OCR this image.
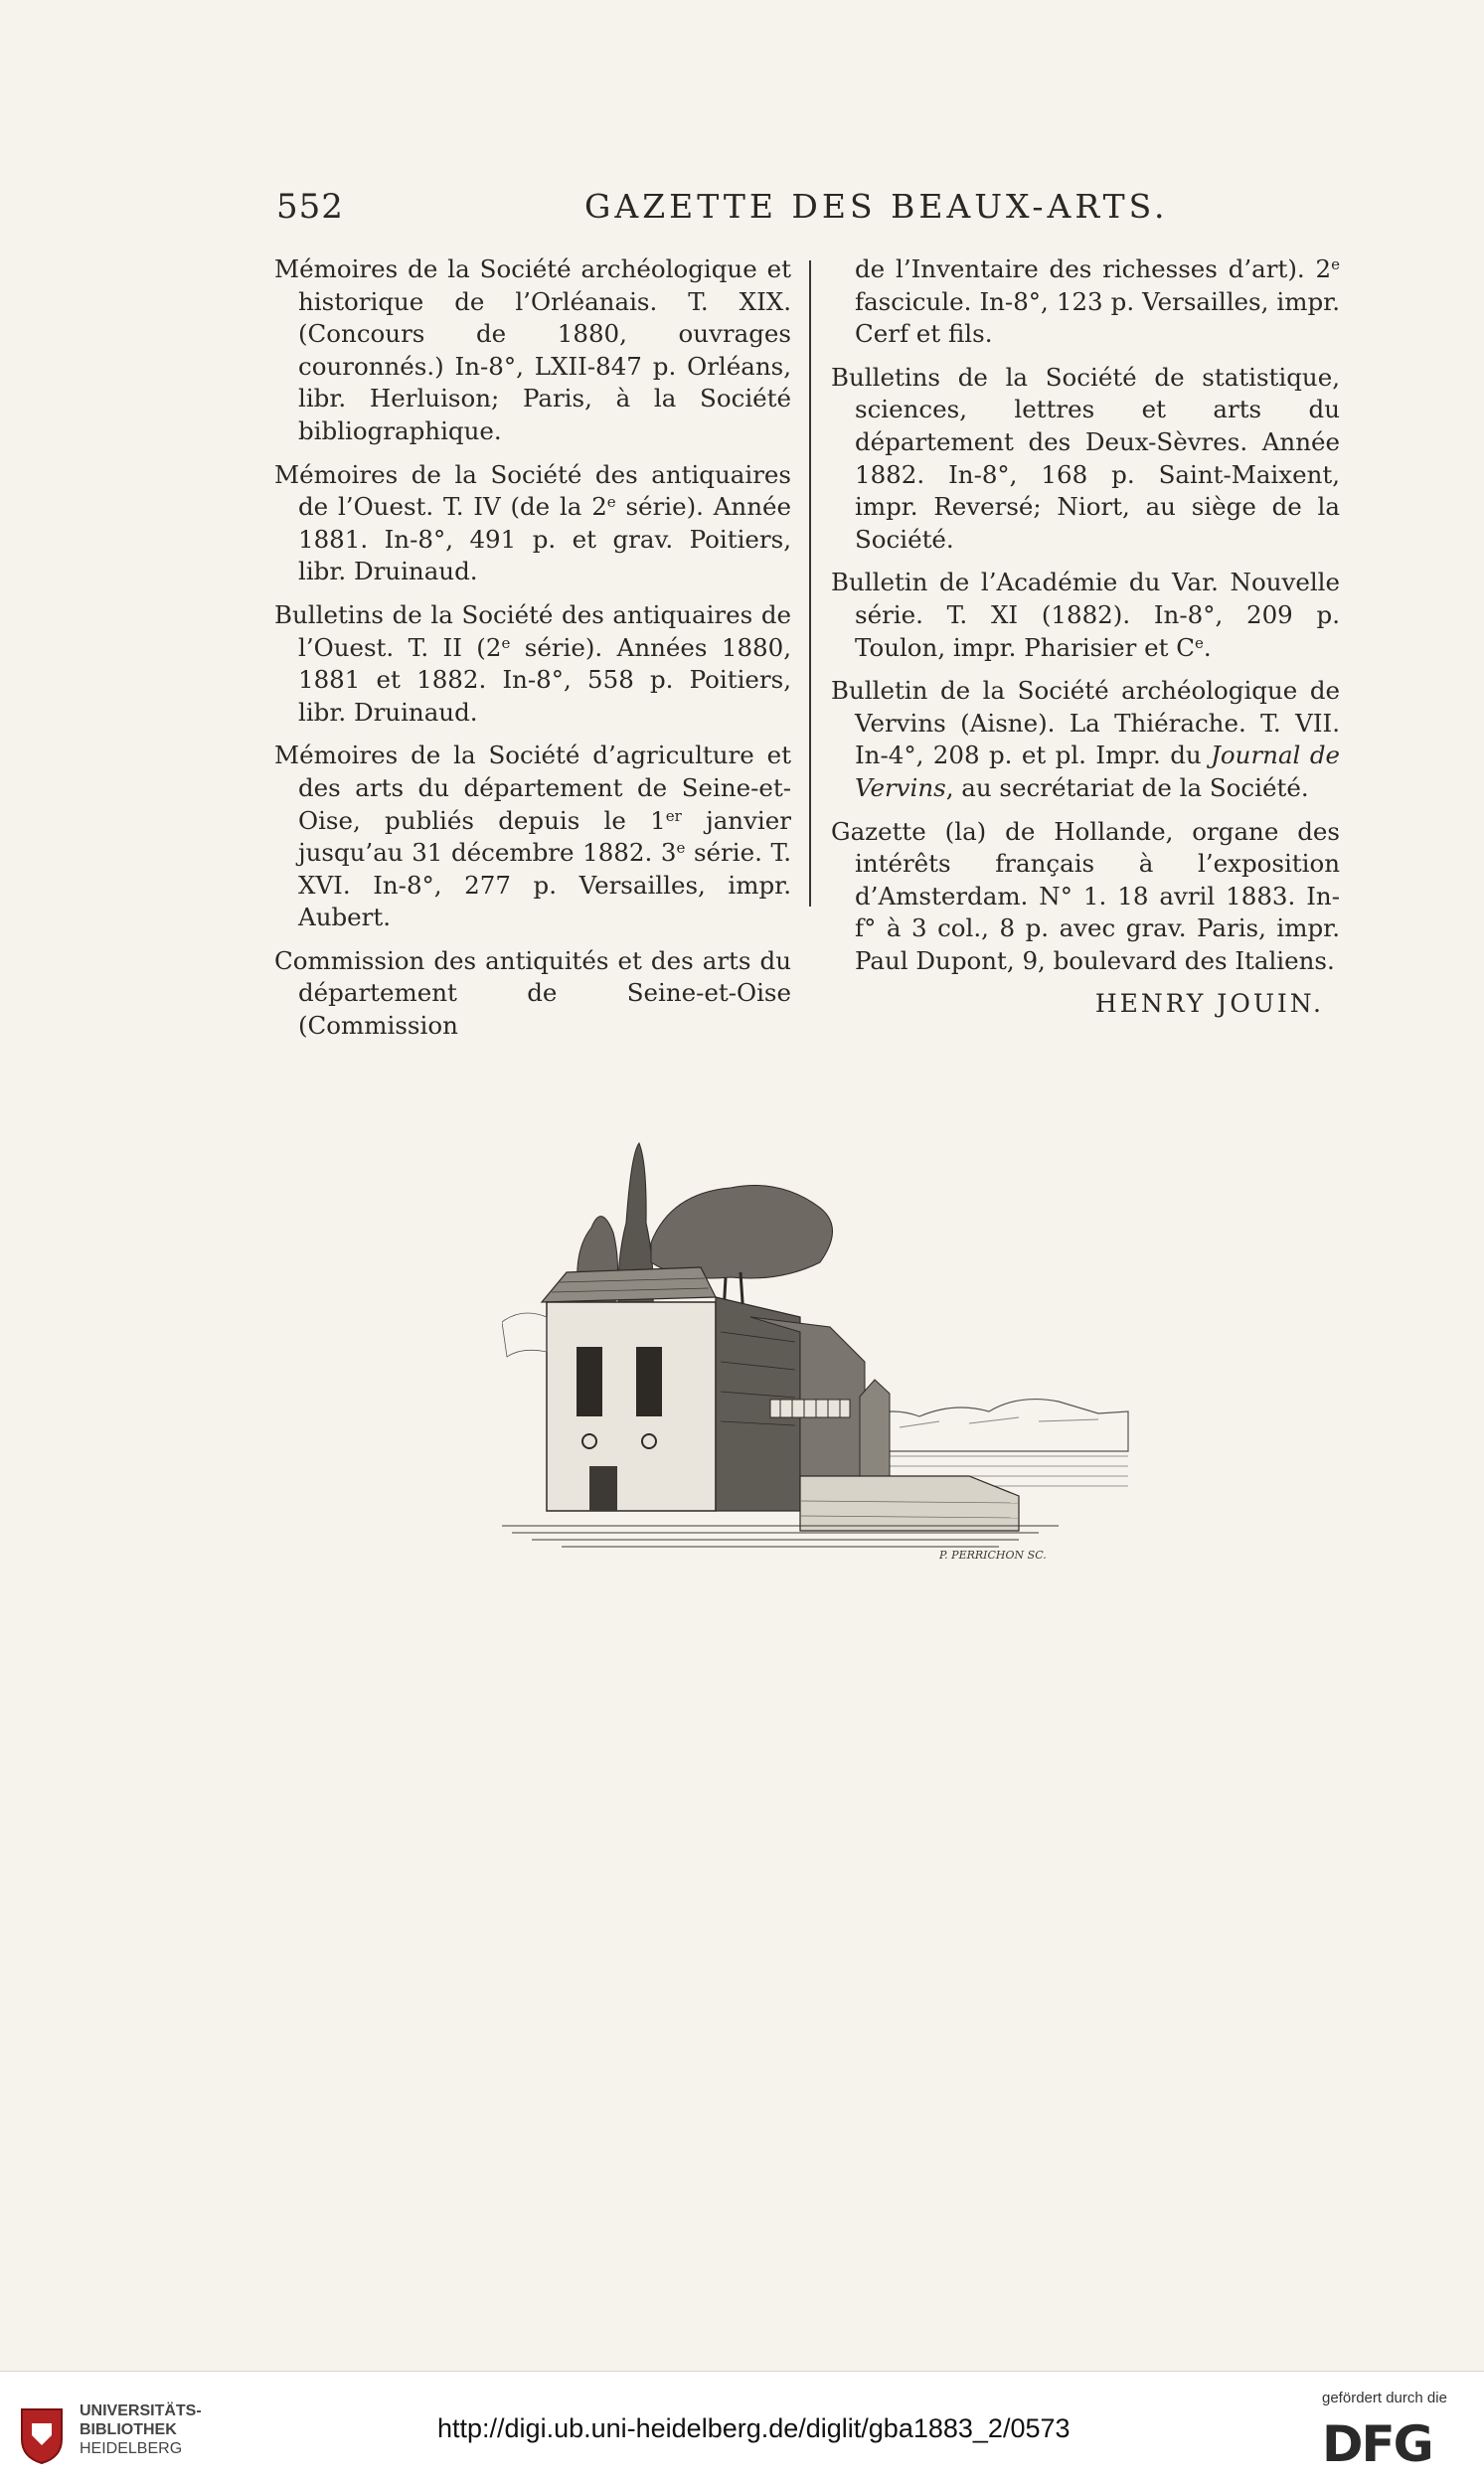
552	GAZETTE DES BEAUX-ARTS.

Mémoires de la Société archéologique et historique de l’Orléanais. T. XIX. (Concours de 1880, ouvrages couronnés.) In-8°, LXII-847 p. Orléans, libr. Herluison; Paris, à la Société bibliographique.

Mémoires de la Société des antiquaires de l’Ouest. T. IV (de la 2e série). Année 1881. In-8°, 491 p. et grav. Poitiers, libr. Druinaud.

Bulletins de la Société des antiquaires de l’Ouest. T. II (2e série). Années 1880, 1881 et 1882. In-8°, 558 p. Poitiers, libr. Druinaud.

Mémoires de la Société d’agriculture et des arts du département de Seine-et-Oise, publiés depuis le 1er janvier jusqu’au 31 décembre 1882. 3e série. T. XVI. In-8°, 277 p. Versailles, impr. Aubert.

Commission des antiquités et des arts du département de Seine-et-Oise (Commission

de l’Inventaire des richesses d’art). 2e fascicule. In-8°, 123 p. Versailles, impr. Cerf et fils.

Bulletins de la Société de statistique, sciences, lettres et arts du département des Deux-Sèvres. Année 1882. In-8°, 168 p. Saint-Maixent, impr. Reversé; Niort, au siège de la Société.

Bulletin de l’Académie du Var. Nouvelle série. T. XI (1882). In-8°, 209 p. Toulon, impr. Pharisier et Ce.

Bulletin de la Société archéologique de Vervins (Aisne). La Thiérache. T. VII. In-4°, 208 p. et pl. Impr. du Journal de Vervins, au secrétariat de la Société.

Gazette (la) de Hollande, organe des intérêts français à l’exposition d’Amsterdam. N° 1. 18 avril 1883. In-f° à 3 col., 8 p. avec grav. Paris, impr. Paul Dupont, 9, boulevard des Italiens.

HENRY JOUIN.
P. PERRICHON SC.
UNIVERSITÄTS-
BIBLIOTHEK
HEIDELBERG
http://digi.ub.uni-heidelberg.de/diglit/gba1883_2/0573
gefördert durch die
DFG
